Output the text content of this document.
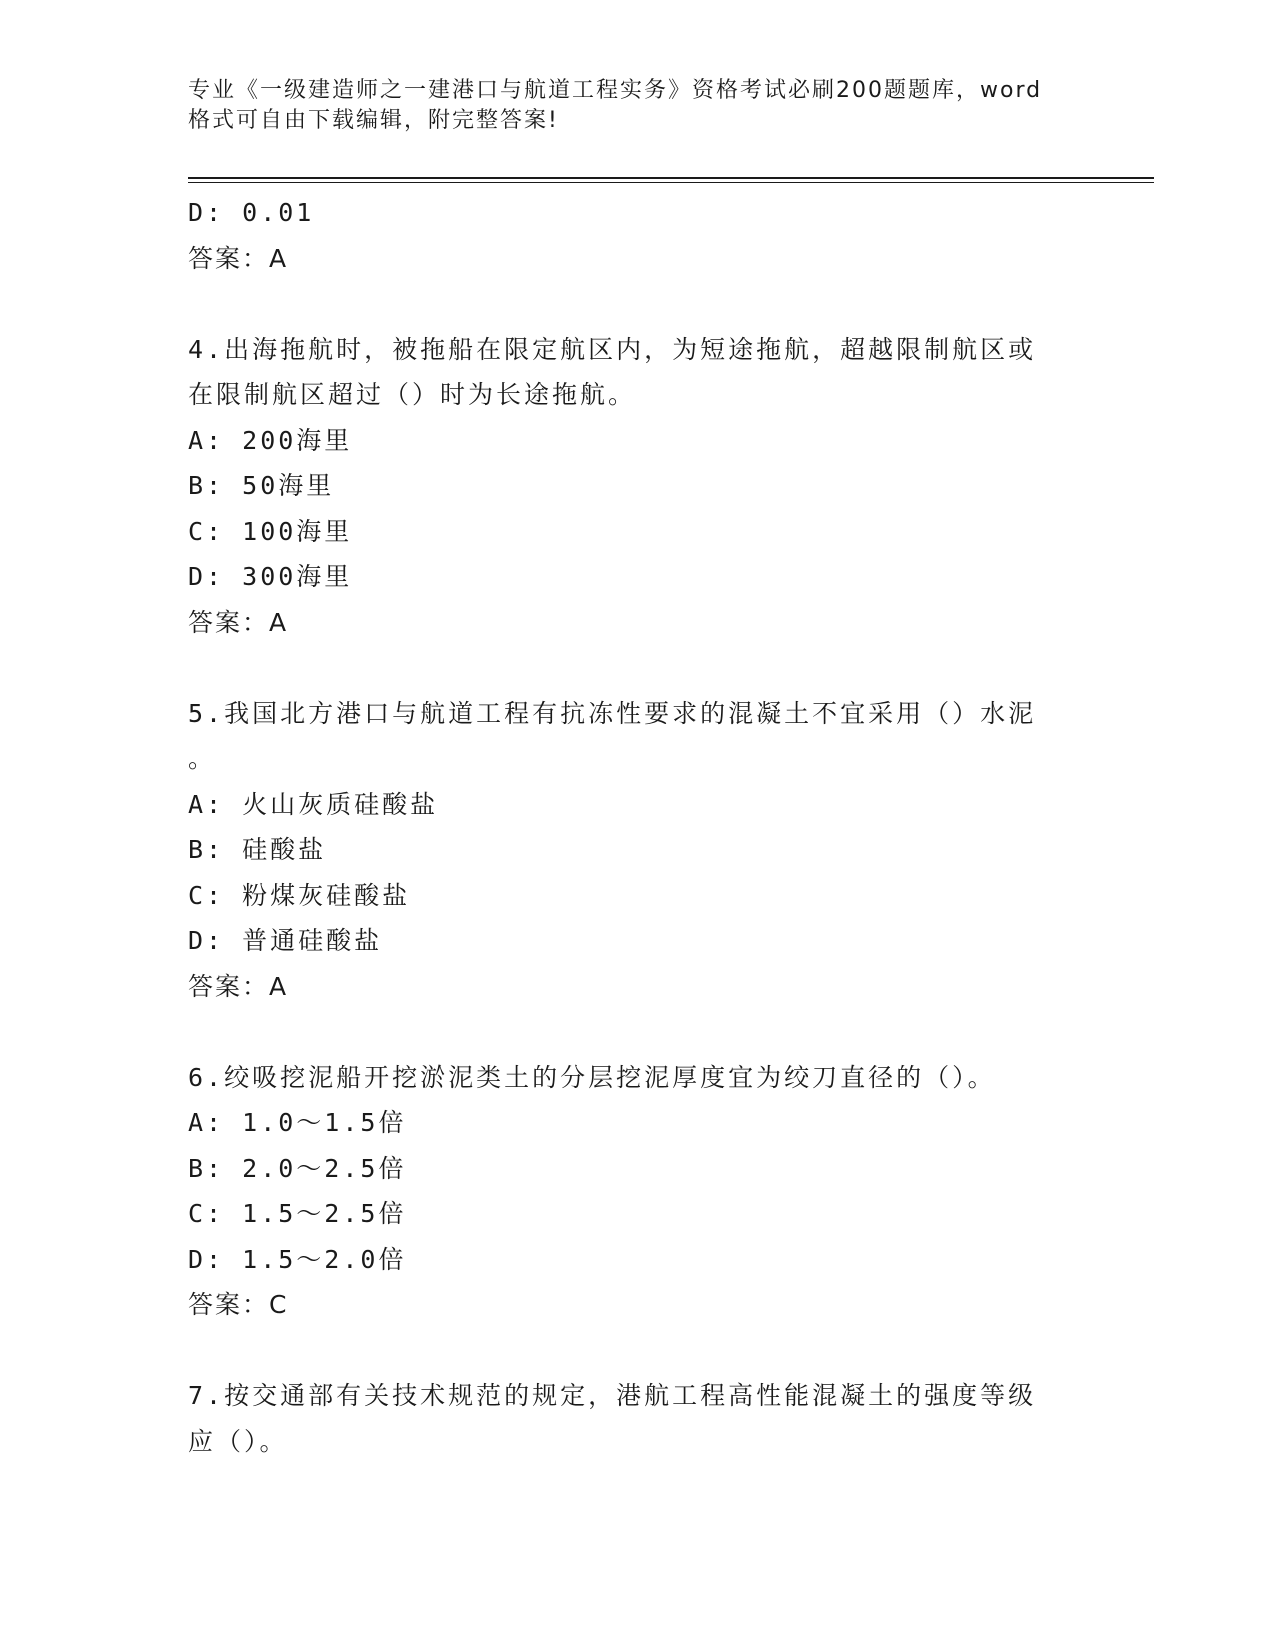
专业《一级建造师之一建港口与航道工程实务》资格考试必刷200题题库，word
格式可自由下载编辑，附完整答案!
D: 0.01
答案：A
4.出海拖航时，被拖船在限定航区内，为短途拖航，超越限制航区或
在限制航区超过（）时为长途拖航。
A: 200海里
B: 50海里
C: 100海里
D: 300海里
答案：A
5.我国北方港口与航道工程有抗冻性要求的混凝土不宜采用（）水泥
。
A: 火山灰质硅酸盐
B: 硅酸盐
C: 粉煤灰硅酸盐
D: 普通硅酸盐
答案：A
6.绞吸挖泥船开挖淤泥类土的分层挖泥厚度宜为绞刀直径的（）。
A: 1.0～1.5倍
B: 2.0～2.5倍
C: 1.5～2.5倍
D: 1.5～2.0倍
答案：C
7.按交通部有关技术规范的规定，港航工程高性能混凝土的强度等级
应（）。
